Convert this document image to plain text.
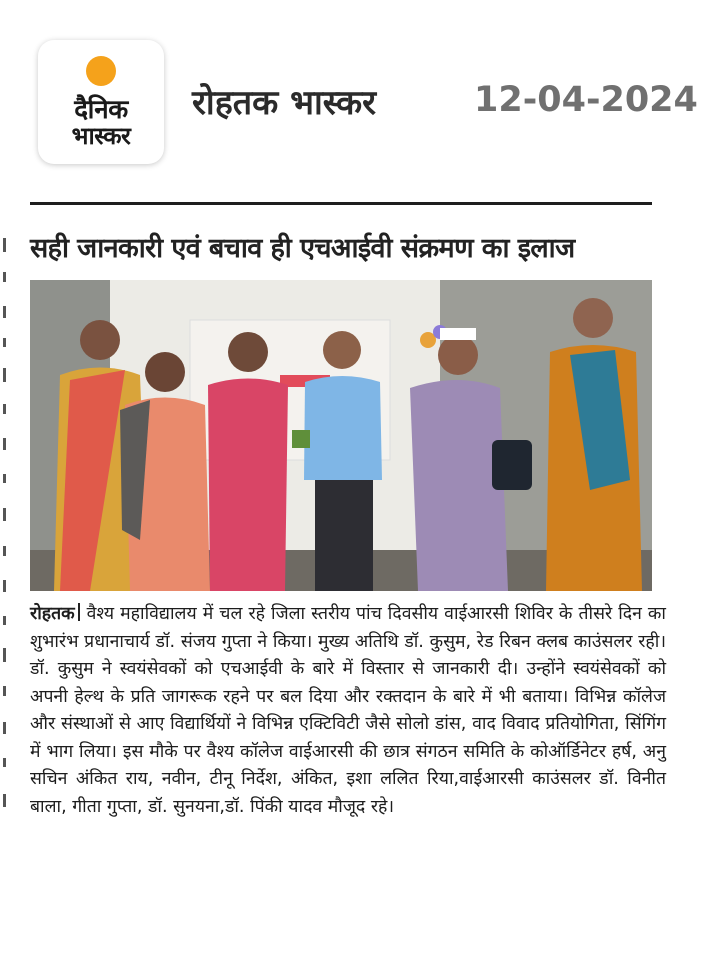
दैनिक
भास्कर
रोहतक भास्कर	12-04-2024
सही जानकारी एवं बचाव ही एचआईवी संक्रमण का इलाज
रोहतक वैश्य महाविद्यालय में चल रहे जिला स्तरीय पांच दिवसीय वाईआरसी शिविर के तीसरे दिन का शुभारंभ प्रधानाचार्य डॉ. संजय गुप्ता ने किया। मुख्य अतिथि डॉ. कुसुम, रेड रिबन क्लब काउंसलर रही। डॉ. कुसुम ने स्वयंसेवकों को एचआईवी के बारे में विस्तार से जानकारी दी। उन्होंने स्वयंसेवकों को अपनी हेल्थ के प्रति जागरूक रहने पर बल दिया और रक्तदान के बारे में भी बताया। विभिन्न कॉलेज और संस्थाओं से आए विद्यार्थियों ने विभिन्न एक्टिविटी जैसे सोलो डांस, वाद विवाद प्रतियोगिता, सिंगिंग में भाग लिया। इस मौके पर वैश्य कॉलेज वाईआरसी की छात्र संगठन समिति के कोऑर्डिनेटर हर्ष, अनु सचिन अंकित राय, नवीन, टीनू निर्देश, अंकित, इशा ललित रिया,वाईआरसी काउंसलर डॉ. विनीत बाला, गीता गुप्ता, डॉ. सुनयना,डॉ. पिंकी यादव मौजूद रहे।
